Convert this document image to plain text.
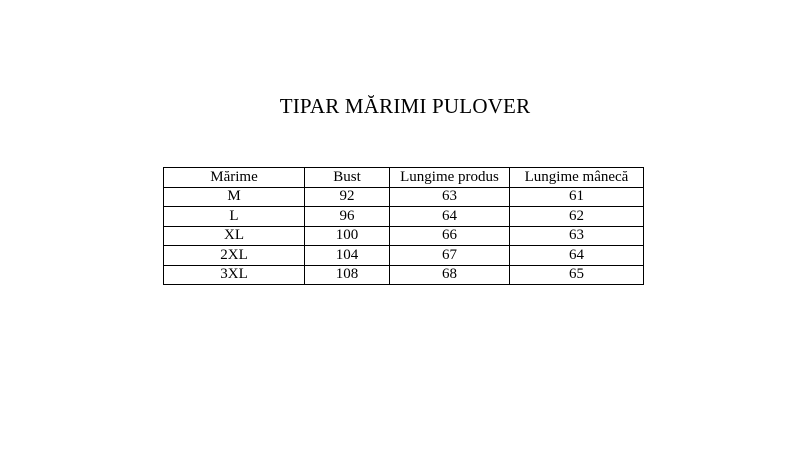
TIPAR MĂRIMI PULOVER
Mărime	Bust	Lungime produs	Lungime mânecă
M	92	63	61
L	96	64	62
XL	100	66	63
2XL	104	67	64
3XL	108	68	65
